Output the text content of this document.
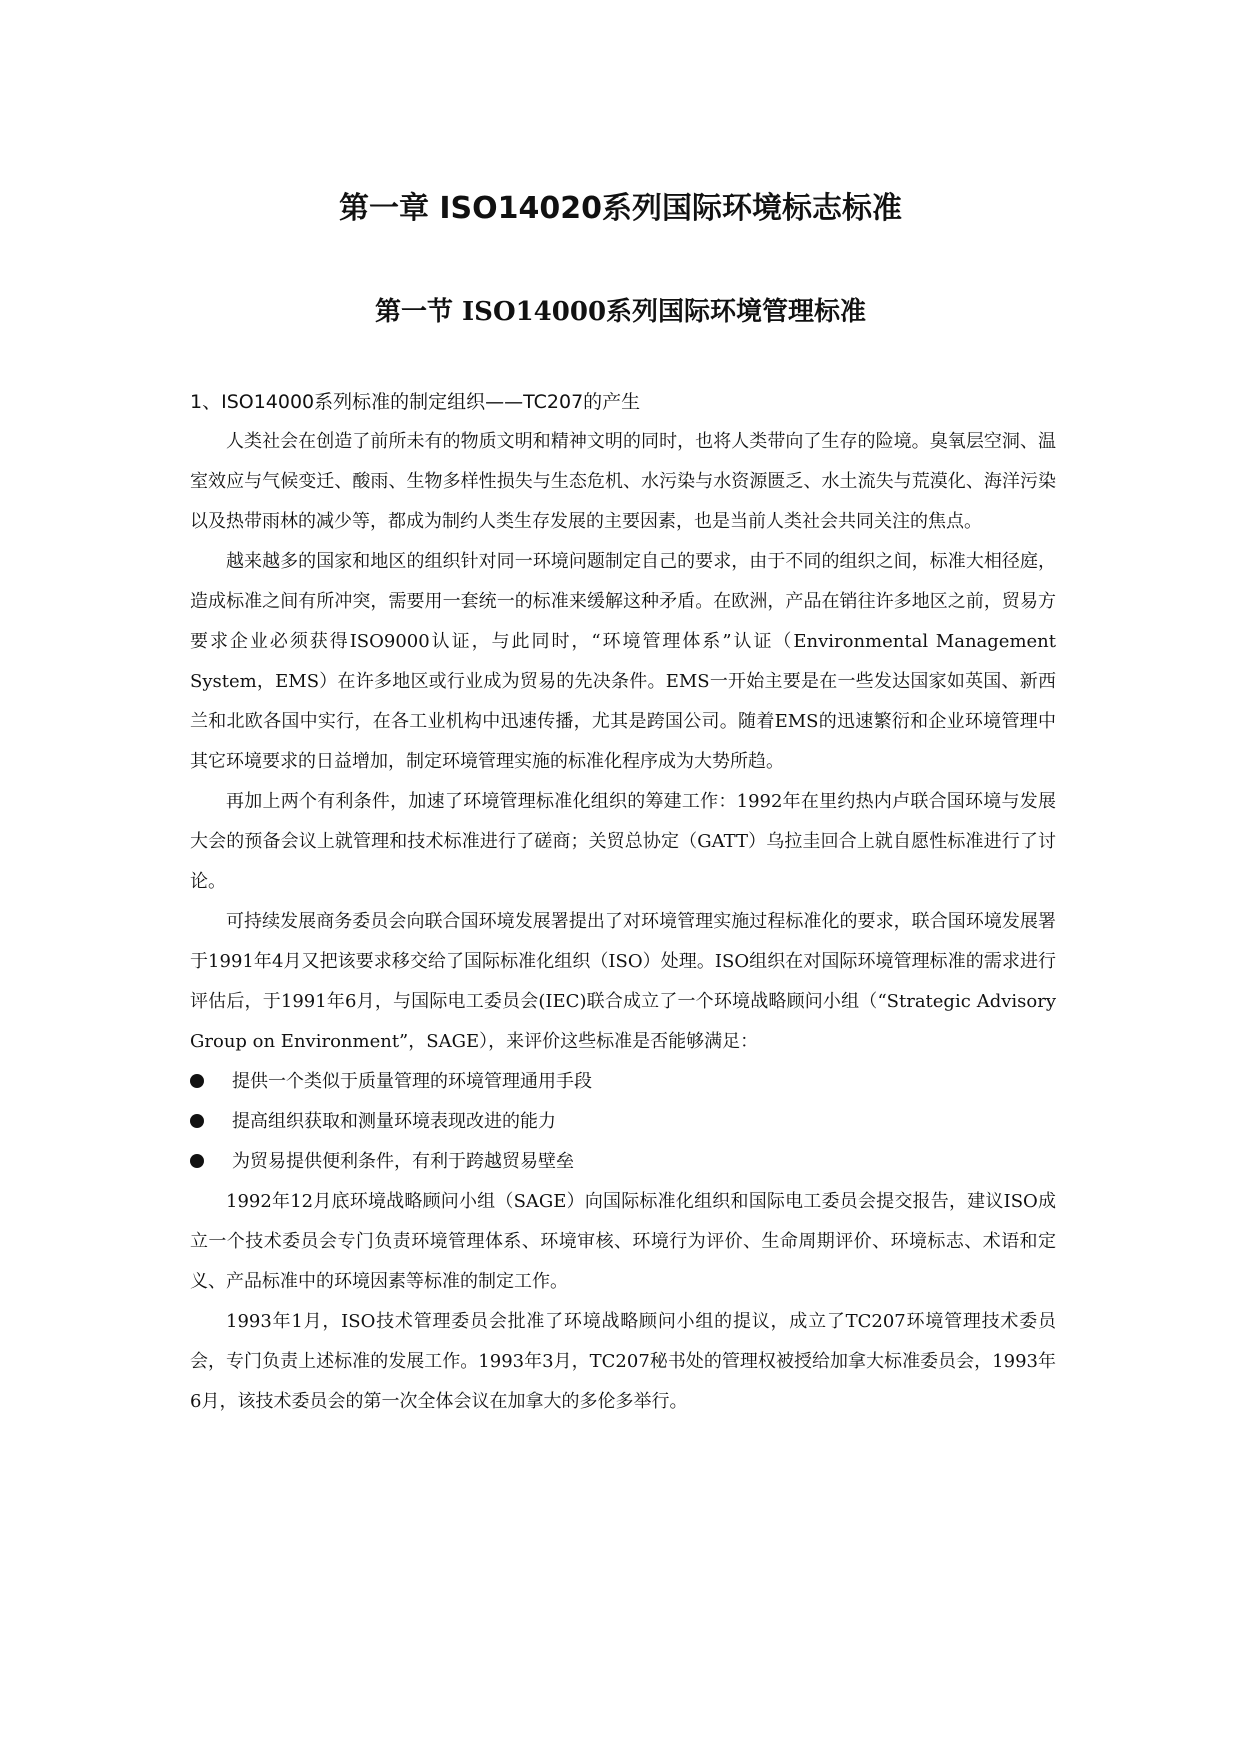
第一章 ISO14020系列国际环境标志标准
第一节 ISO14000系列国际环境管理标准

1、ISO14000系列标准的制定组织——TC207的产生

人类社会在创造了前所未有的物质文明和精神文明的同时，也将人类带向了生存的险境。臭氧层空洞、温室效应与气候变迁、酸雨、生物多样性损失与生态危机、水污染与水资源匮乏、水土流失与荒漠化、海洋污染以及热带雨林的减少等，都成为制约人类生存发展的主要因素，也是当前人类社会共同关注的焦点。

越来越多的国家和地区的组织针对同一环境问题制定自己的要求，由于不同的组织之间，标准大相径庭，造成标准之间有所冲突，需要用一套统一的标准来缓解这种矛盾。在欧洲，产品在销往许多地区之前，贸易方要求企业必须获得ISO9000认证，与此同时，“环境管理体系”认证（Environmental Management System，EMS）在许多地区或行业成为贸易的先决条件。EMS一开始主要是在一些发达国家如英国、新西兰和北欧各国中实行，在各工业机构中迅速传播，尤其是跨国公司。随着EMS的迅速繁衍和企业环境管理中其它环境要求的日益增加，制定环境管理实施的标准化程序成为大势所趋。

再加上两个有利条件，加速了环境管理标准化组织的筹建工作：1992年在里约热内卢联合国环境与发展大会的预备会议上就管理和技术标准进行了磋商；关贸总协定（GATT）乌拉圭回合上就自愿性标准进行了讨论。

可持续发展商务委员会向联合国环境发展署提出了对环境管理实施过程标准化的要求，联合国环境发展署于1991年4月又把该要求移交给了国际标准化组织（ISO）处理。ISO组织在对国际环境管理标准的需求进行评估后，于1991年6月，与国际电工委员会(IEC)联合成立了一个环境战略顾问小组（“Strategic Advisory Group on Environment”，SAGE），来评价这些标准是否能够满足：

提供一个类似于质量管理的环境管理通用手段
提高组织获取和测量环境表现改进的能力
为贸易提供便利条件，有利于跨越贸易壁垒

1992年12月底环境战略顾问小组（SAGE）向国际标准化组织和国际电工委员会提交报告，建议ISO成立一个技术委员会专门负责环境管理体系、环境审核、环境行为评价、生命周期评价、环境标志、术语和定义、产品标准中的环境因素等标准的制定工作。

1993年1月，ISO技术管理委员会批准了环境战略顾问小组的提议，成立了TC207环境管理技术委员会，专门负责上述标准的发展工作。1993年3月，TC207秘书处的管理权被授给加拿大标准委员会，1993年6月，该技术委员会的第一次全体会议在加拿大的多伦多举行。
